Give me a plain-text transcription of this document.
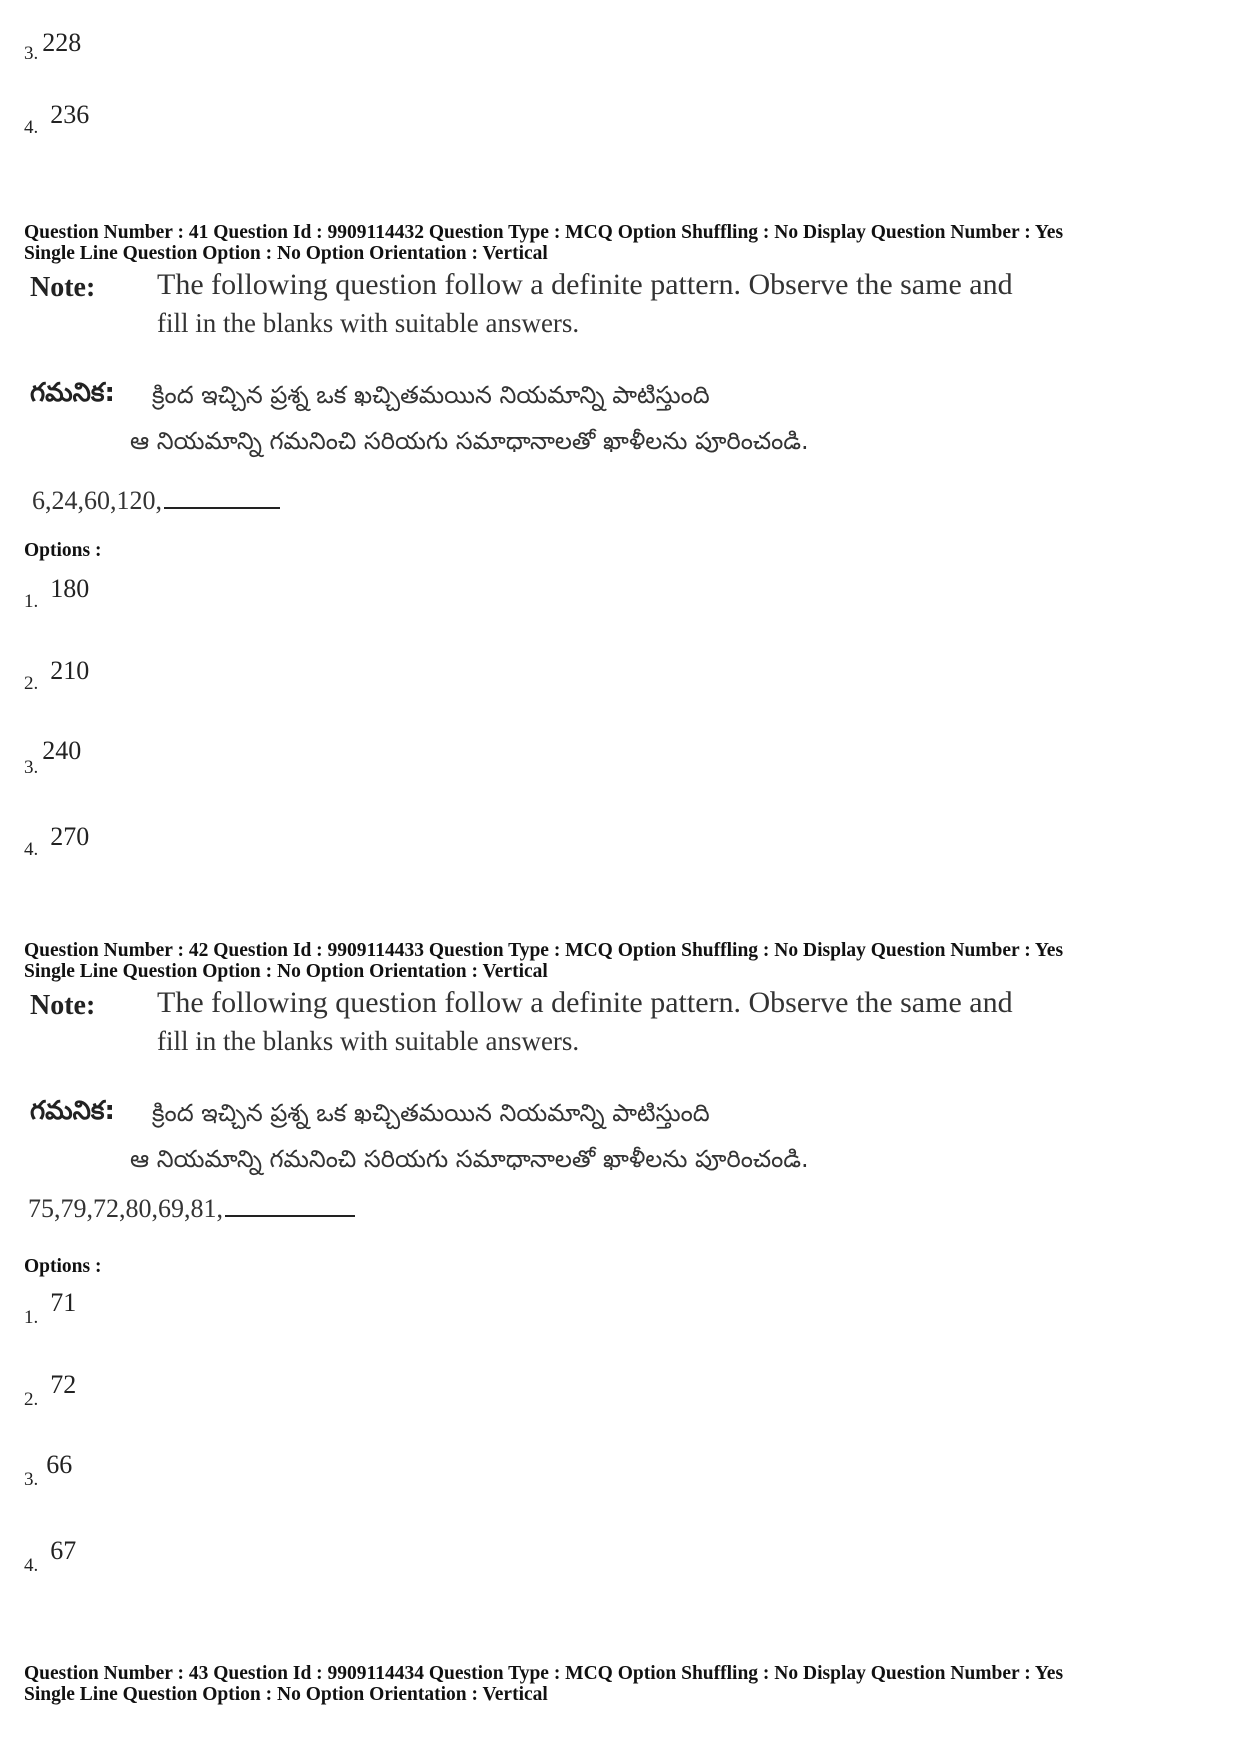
3. 228
4. 236
Question Number : 41 Question Id : 9909114432 Question Type : MCQ Option Shuffling : No Display Question Number : Yes
Single Line Question Option : No Option Orientation : Vertical
Note: The following question follow a definite pattern. Observe the same and
fill in the blanks with suitable answers.
గమనిక: క్రింద ఇచ్చిన ప్రశ్న ఒక ఖచ్చితమయిన నియమాన్ని పాటిస్తుంది
ఆ నియమాన్ని గమనించి సరియగు సమాధానాలతో ఖాళీలను పూరించండి.
6,24,60,120,
Options :
1. 180
2. 210
3. 240
4. 270
Question Number : 42 Question Id : 9909114433 Question Type : MCQ Option Shuffling : No Display Question Number : Yes
Single Line Question Option : No Option Orientation : Vertical
Note: The following question follow a definite pattern. Observe the same and
fill in the blanks with suitable answers.
గమనిక: క్రింద ఇచ్చిన ప్రశ్న ఒక ఖచ్చితమయిన నియమాన్ని పాటిస్తుంది
ఆ నియమాన్ని గమనించి సరియగు సమాధానాలతో ఖాళీలను పూరించండి.
75,79,72,80,69,81,
Options :
1. 71
2. 72
3. 66
4. 67
Question Number : 43 Question Id : 9909114434 Question Type : MCQ Option Shuffling : No Display Question Number : Yes
Single Line Question Option : No Option Orientation : Vertical
